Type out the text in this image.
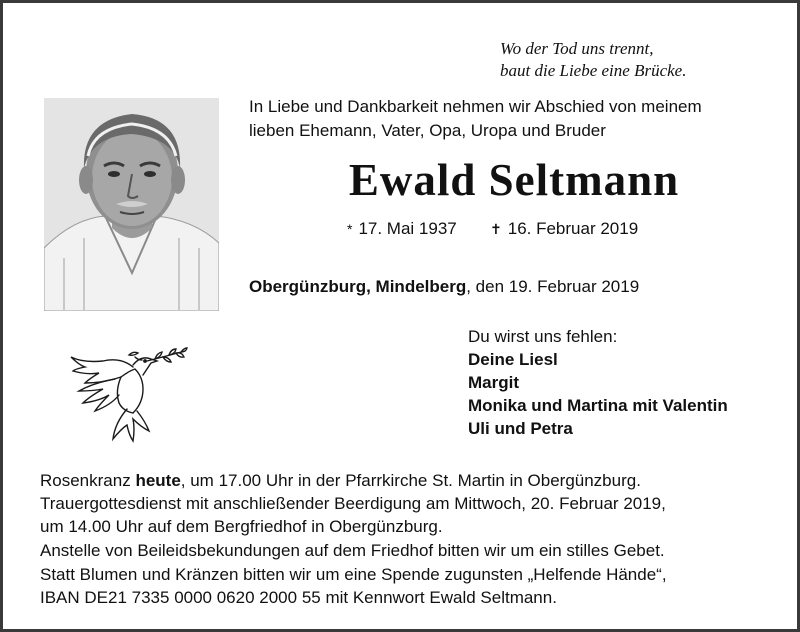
Wo der Tod uns trennt,
baut die Liebe eine Brücke.
In Liebe und Dankbarkeit nehmen wir Abschied von meinem
lieben Ehemann, Vater, Opa, Uropa und Bruder
Ewald Seltmann
* 17. Mai 1937 ✝ 16. Februar 2019
Obergünzburg, Mindelberg, den 19. Februar 2019
Du wirst uns fehlen:
Deine Liesl
Margit
Monika und Martina mit Valentin
Uli und Petra
Rosenkranz heute, um 17.00 Uhr in der Pfarrkirche St. Martin in Obergünzburg.
Trauergottesdienst mit anschließender Beerdigung am Mittwoch, 20. Februar 2019,
um 14.00 Uhr auf dem Bergfriedhof in Obergünzburg.
Anstelle von Beileidsbekundungen auf dem Friedhof bitten wir um ein stilles Gebet.
Statt Blumen und Kränzen bitten wir um eine Spende zugunsten „Helfende Hände“,
IBAN DE21 7335 0000 0620 2000 55 mit Kennwort Ewald Seltmann.
